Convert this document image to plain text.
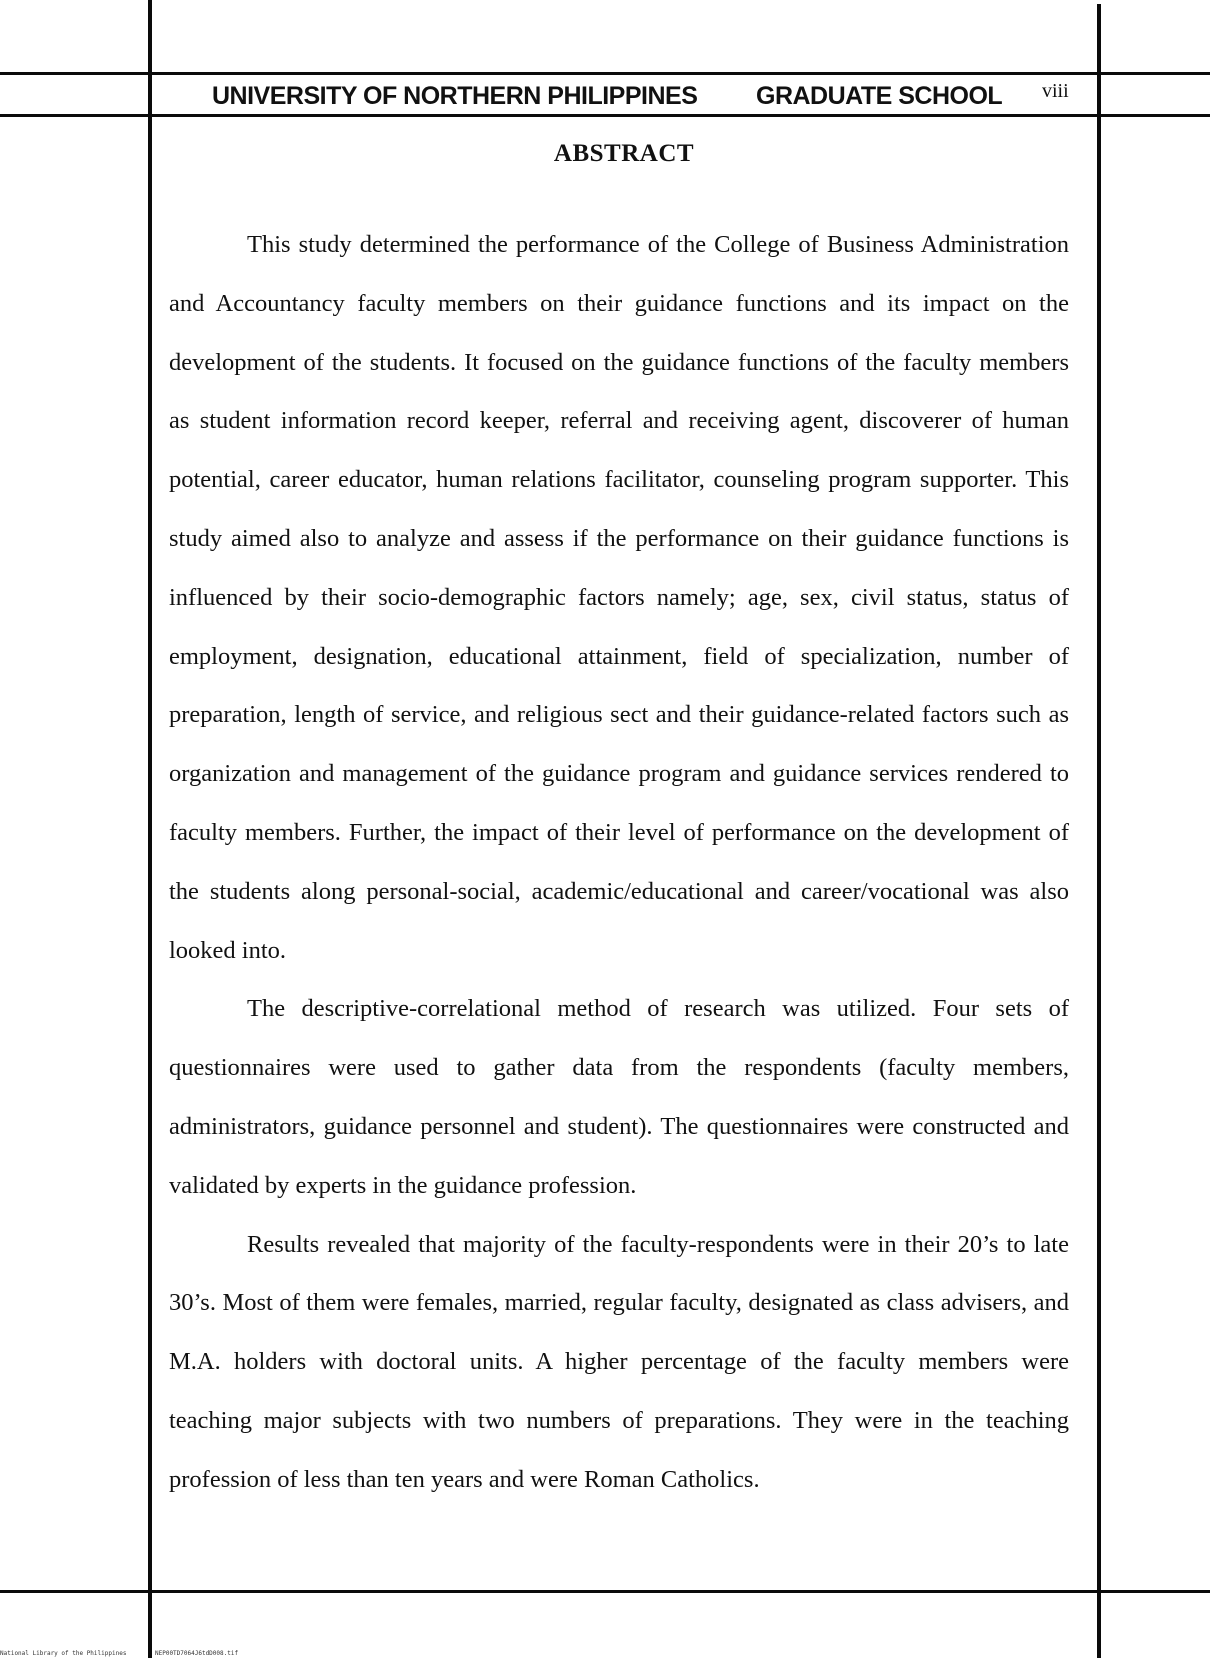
UNIVERSITY OF NORTHERN PHILIPPINES GRADUATE SCHOOL viii
ABSTRACT

This study determined the performance of the College of Business Administration and Accountancy faculty members on their guidance functions and its impact on the development of the students. It focused on the guidance functions of the faculty members as student information record keeper, referral and receiving agent, discoverer of human potential, career educator, human relations facilitator, counseling program supporter. This study aimed also to analyze and assess if the performance on their guidance functions is influenced by their socio-demographic factors namely; age, sex, civil status, status of employment, designation, educational attainment, field of specialization, number of preparation, length of service, and religious sect and their guidance-related factors such as organization and management of the guidance program and guidance services rendered to faculty members. Further, the impact of their level of performance on the development of the students along personal-social, academic/educational and career/vocational was also looked into.

The descriptive-correlational method of research was utilized. Four sets of questionnaires were used to gather data from the respondents (faculty members, administrators, guidance personnel and student). The questionnaires were constructed and validated by experts in the guidance profession.

Results revealed that majority of the faculty-respondents were in their 20’s to late 30’s. Most of them were females, married, regular faculty, designated as class advisers, and M.A. holders with doctoral units. A higher percentage of the faculty members were teaching major subjects with two numbers of preparations. They were in the teaching profession of less than ten years and were Roman Catholics.

National Library of the Philippines	NEP00TD7064J6tdD008.tif
